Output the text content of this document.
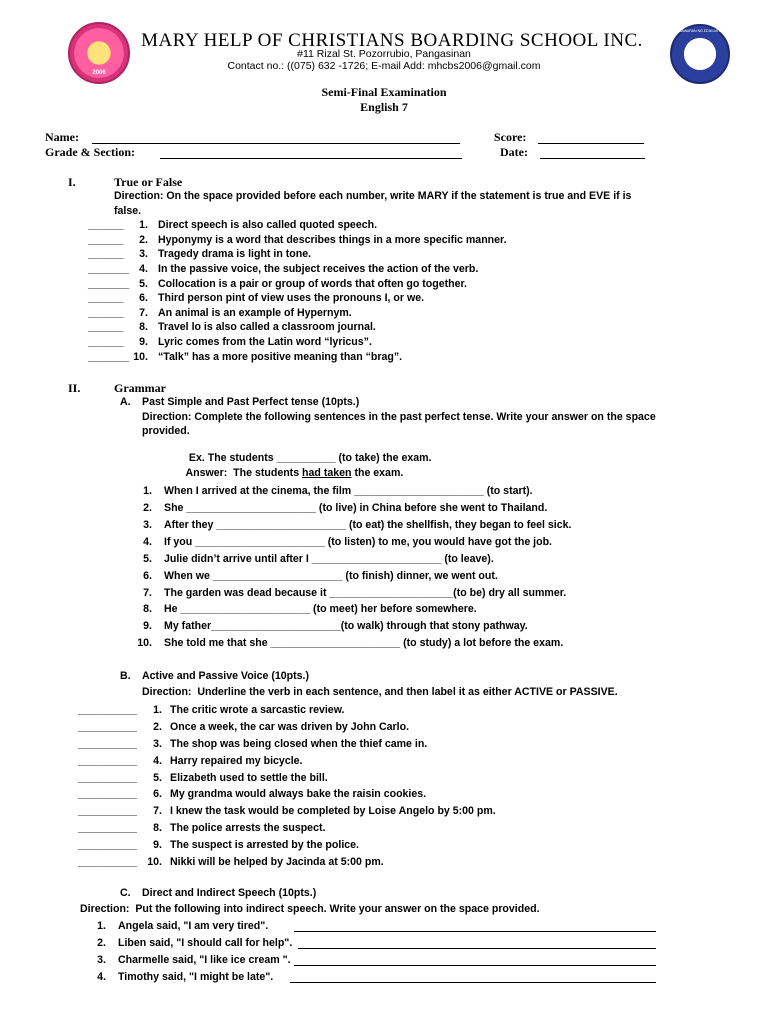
2006
KAGAWARAN NG EDUKASYON
MARY HELP OF CHRISTIANS BOARDING SCHOOL INC.
#11 Rizal St. Pozorrubio, Pangasinan
Contact no.: ((075) 632 -1726; E-mail Add: mhcbs2006@gmail.com
Semi-Final Examination
English 7
Name:	Score:
Grade & Section:	Date:
I.	True or False
Direction: On the space provided before each number, write MARY if the statement is true and EVE if is
false.
______	1. Direct speech is also called quoted speech.
______	2. Hyponymy is a word that describes things in a more specific manner.
______	3. Tragedy drama is light in tone.
_______ 4. In the passive voice, the subject receives the action of the verb.
_______ 5. Collocation is a pair or group of words that often go together.
______	6. Third person pint of view uses the pronouns I, or we.
______	7. An animal is an example of Hypernym.
______	8. Travel lo is also called a classroom journal.
______	9. Lyric comes from the Latin word “lyricus”.
_______ 10. “Talk” has a more positive meaning than “brag”.
II.	Grammar
A. Past Simple and Past Perfect tense (10pts.)
Direction: Complete the following sentences in the past perfect tense. Write your answer on the space
provided.

Ex. The students __________ (to take) the exam.

Answer:  The students had taken the exam.

1. When I arrived at the cinema, the film ______________________ (to start).
2. She ______________________ (to live) in China before she went to Thailand.
3. After they ______________________ (to eat) the shellfish, they began to feel sick.
4. If you ______________________ (to listen) to me, you would have got the job.
5. Julie didn’t arrive until after I ______________________ (to leave).
6. When we ______________________ (to finish) dinner, we went out.
7. The garden was dead because it _____________________(to be) dry all summer.
8. He ______________________ (to meet) her before somewhere.
9. My father______________________(to walk) through that stony pathway.
10. She told me that she ______________________ (to study) a lot before the exam.
B. Active and Passive Voice (10pts.)
Direction:  Underline the verb in each sentence, and then label it as either ACTIVE or PASSIVE.
__________	1. The critic wrote a sarcastic review.
__________	2. Once a week, the car was driven by John Carlo.
__________	3. The shop was being closed when the thief came in.
__________	4. Harry repaired my bicycle.
__________	5. Elizabeth used to settle the bill.
__________	6. My grandma would always bake the raisin cookies.
__________	7. I knew the task would be completed by Loise Angelo by 5:00 pm.
__________	8. The police arrests the suspect.
__________	9. The suspect is arrested by the police.
__________ 10. Nikki will be helped by Jacinda at 5:00 pm.
C. Direct and Indirect Speech (10pts.)
Direction:  Put the following into indirect speech. Write your answer on the space provided.
1. Angela said, "I am very tired".
2. Liben said, "I should call for help".
3. Charmelle said, "I like ice cream ".
4. Timothy said, "I might be late".
